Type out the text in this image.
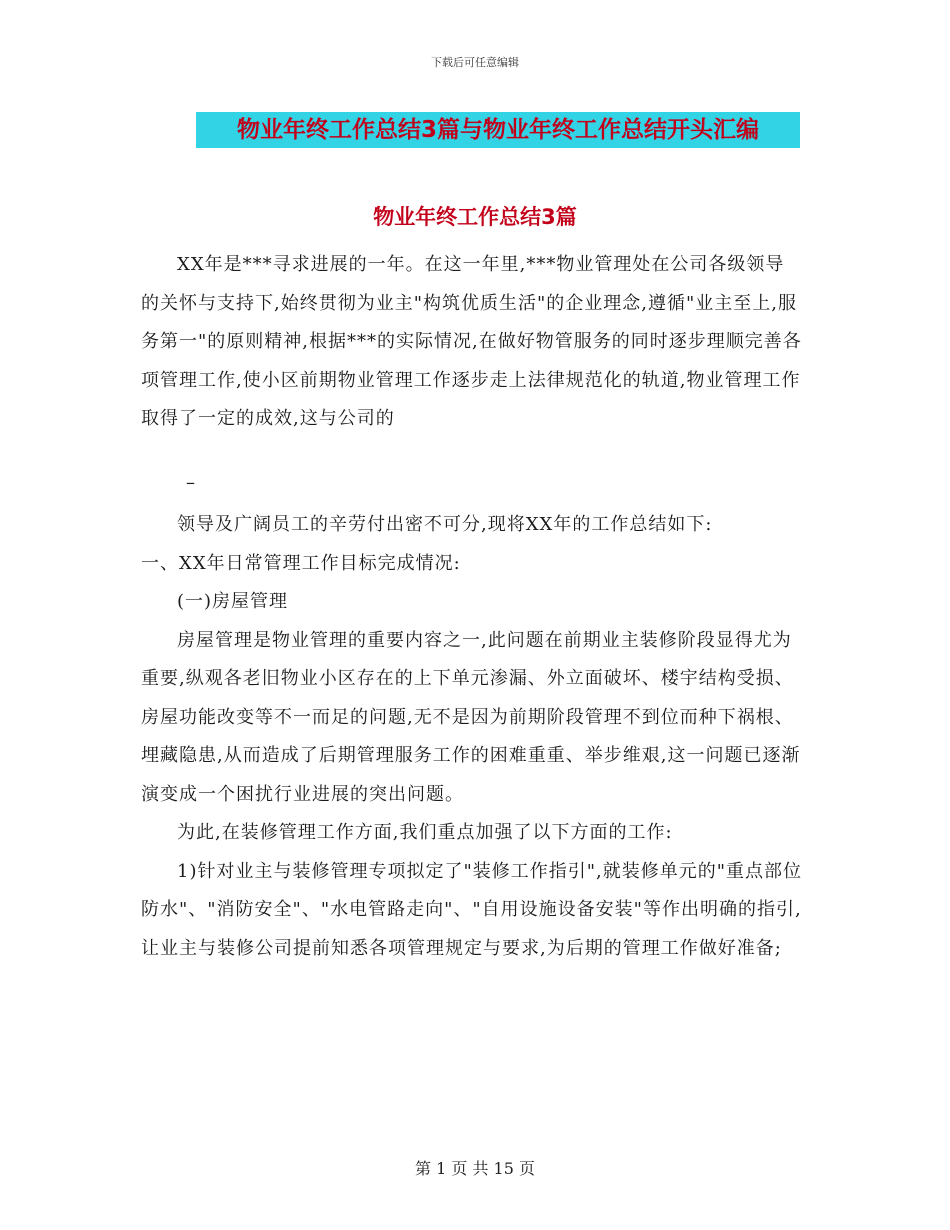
下载后可任意编辑
物业年终工作总结3篇与物业年终工作总结开头汇编
物业年终工作总结3篇

XX年是***寻求进展的一年。在这一年里,***物业管理处在公司各级领导的关怀与支持下,始终贯彻为业主"构筑优质生活"的企业理念,遵循"业主至上,服务第一"的原则精神,根据***的实际情况,在做好物管服务的同时逐步理顺完善各项管理工作,使小区前期物业管理工作逐步走上法律规范化的轨道,物业管理工作取得了一定的成效,这与公司的

–

领导及广阔员工的辛劳付出密不可分,现将XX年的工作总结如下:

一、XX年日常管理工作目标完成情况:

(一)房屋管理

房屋管理是物业管理的重要内容之一,此问题在前期业主装修阶段显得尤为重要,纵观各老旧物业小区存在的上下单元渗漏、外立面破坏、楼宇结构受损、房屋功能改变等不一而足的问题,无不是因为前期阶段管理不到位而种下祸根、埋藏隐患,从而造成了后期管理服务工作的困难重重、举步维艰,这一问题已逐渐演变成一个困扰行业进展的突出问题。

为此,在装修管理工作方面,我们重点加强了以下方面的工作:

1)针对业主与装修管理专项拟定了"装修工作指引",就装修单元的"重点部位防水"、"消防安全"、"水电管路走向"、"自用设施设备安装"等作出明确的指引,让业主与装修公司提前知悉各项管理规定与要求,为后期的管理工作做好准备;

第 1 页 共 15 页
